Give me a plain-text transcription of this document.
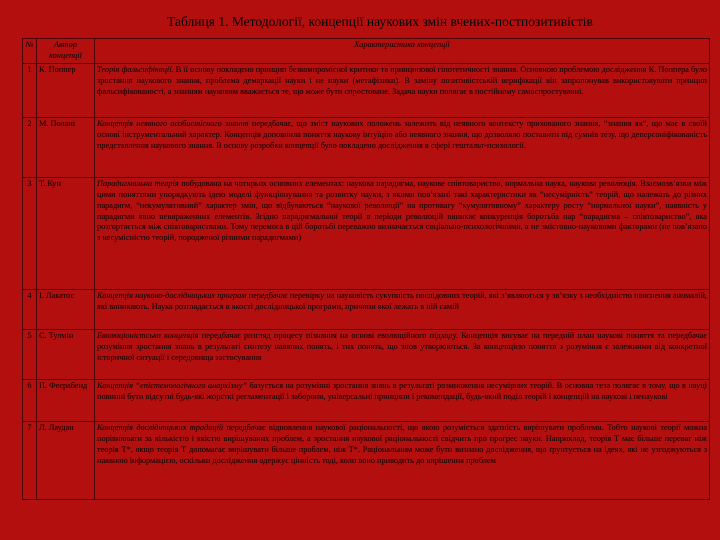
Таблиця 1. Методології, концепції наукових змін вчених-постпозитивістів
№	Автор концепції	Характеристика концепції
1	К. Поппер	Теорія фальсифікації. В її основу покладено принцип безкомпромісної критики та принципової гіпотетичності знання. Основною проблемою дослідження К. Поппера було зростання наукового знання, проблема демаркації науки і не науки (метафізики). В заміну позитивістській верифікації він запропонував використовувати принцип фальсифікованості, а знанням науковим вважається те, що може бути спростоване. Задача науки полягає в постійному самоспростуванні.
2	М. Полані	Концепція неявного особистісного знання передбачає, що зміст наукових положень залежить від неявного контексту прихованого знання, “знання як”, що має в своїй основі інструментальний характер. Концепція доповнила поняття наукову інтуїцію або неявного знання, що дозволяло поставити під сумнів тезу, що деперсоніфікованість представлення наукового знання. В основу розробки концепції було покладено дослідження в сфері гештальт-психології.
3	Т. Кун	Парадигмальна теорія побудована на чотирьох основних елементах: наукова парадигма, наукове співтовариство, нормальна наука, наукова революція. Взаємозв’язки між цими поняттями упорядкують ідею моделі функціонування та розвитку науки, з якими пов’язані такі характеристики як “несумірність” теорій, що належать до різних парадигм, “некумулятивний” характер змін, що відбуваються “наукової революції” на противагу “кумулятивному” характеру росту “нормальної науки”, наявність у парадигми явно невираженних елементів. Згідно парадигмальної теорії в періоди революцій виникає конкуренція боротьба пар “парадигма – співтовариство”, яка розгортається між співтовариствами. Тому перемога в цій боротьбі переважно визначається соціально-психологічними, а не змістовно-науковими факторами (не пов’язано з несумісністю теорій, породженої різними парадигмами)
4	І. Лакатос	Концепція науково-дослідницьких програм передбачає перевірку на науковість сукупність послідовних теорій, які з’являються у зв’язку з необхідністю пояснення аномалій, які виникають. Наука розглядається в якості дослідницької програми, причини якої лежать в ній самій
5	С. Тулмін	Еволюціоністська концепція передбачає розгляд процесу пізнання на основі еволюційного підходу. Концепція висуває на передній план наукові поняття та передбачає розуміння зростання знань в результаті синтезу наявних понять, і тих понять, що знов утворюються. За концепцією поняття з розуміння є залежними від конкретної історичної ситуації і середовища застосування
6	П. Феєрабенд	Концепція “епістемологічного анархізму” базується на розумінні зростання знань в результаті розмноження несумірних теорій. В основна теза полягає в тому, що в науці повинні бути відсутні будь-які жорсткі регламентації і заборони, універсальні принципи і рекомендації, будь-який поділ теорій і концепцій на наукові і ненаукові
7	Л. Лаудан	Концепція дослідницьких традицій передбачає відновлення наукової раціональності, що якою розуміється здатність вирішувати проблеми. Тобто наукові теорії можна порівнювати за кількістю і якістю вирішуваних проблем, а зростання наукової раціональності свідчить про прогрес науки. Наприклад, теорія Т має більше переваг ніж теорія Т*, якщо теорія Т допомагає вирішувати більше проблем, ніж Т*. Раціональним може бути визнано дослідження, що ґрунтується на ідеях, які не узгоджуються з наявною інформацією, оскільки дослідження одержує цінність тоді, коли воно приводить до вирішення проблем
